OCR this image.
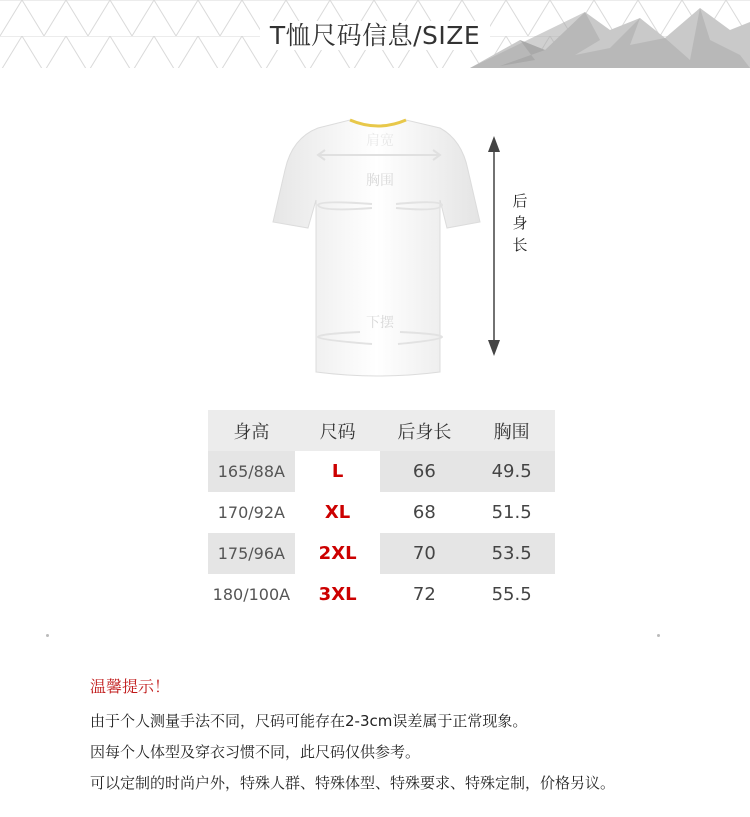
T恤尺码信息/SIZE
肩宽
胸围
下摆
后
身
长
身高	尺码	后身长	胸围
165/88A	L	66	49.5
170/92A	XL	68	51.5
175/96A	2XL	70	53.5
180/100A	3XL	72	55.5
温馨提示！
由于个人测量手法不同，尺码可能存在2-3cm误差属于正常现象。
因每个人体型及穿衣习惯不同，此尺码仅供参考。
可以定制的时尚户外，特殊人群、特殊体型、特殊要求、特殊定制，价格另议。
